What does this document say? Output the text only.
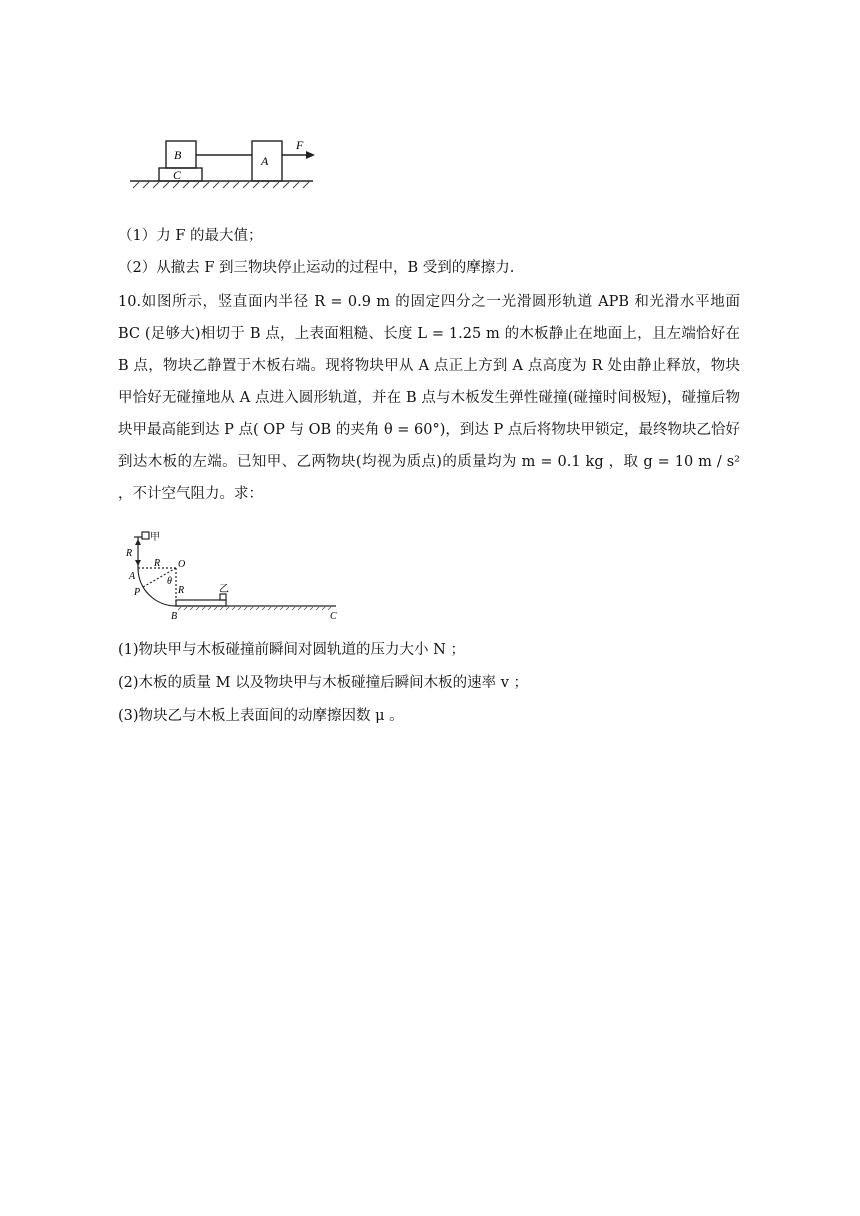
B
C
A
F
（1）力 F 的最大值；
（2）从撤去 F 到三物块停止运动的过程中，B 受到的摩擦力.
10.如图所示，竖直面内半径 R = 0.9 m 的固定四分之一光滑圆形轨道 APB 和光滑水平地面 BC (足够大)相切于 B 点，上表面粗糙、长度 L = 1.25 m 的木板静止在地面上，且左端恰好在 B 点，物块乙静置于木板右端。现将物块甲从 A 点正上方到 A 点高度为 R 处由静止释放，物块甲恰好无碰撞地从 A 点进入圆形轨道，并在 B 点与木板发生弹性碰撞(碰撞时间极短)，碰撞后物块甲最高能到达 P 点( OP 与 OB 的夹角 θ = 60°)，到达 P 点后将物块甲锁定，最终物块乙恰好到达木板的左端。已知甲、乙两物块(均视为质点)的质量均为 m = 0.1 kg ，取 g = 10 m / s² ，不计空气阻力。求：
甲
R
A
R O
θ
R
P	乙
B	C
(1)物块甲与木板碰撞前瞬间对圆轨道的压力大小 N ；
(2)木板的质量 M 以及物块甲与木板碰撞后瞬间木板的速率 v ；
(3)物块乙与木板上表面间的动摩擦因数 μ 。
